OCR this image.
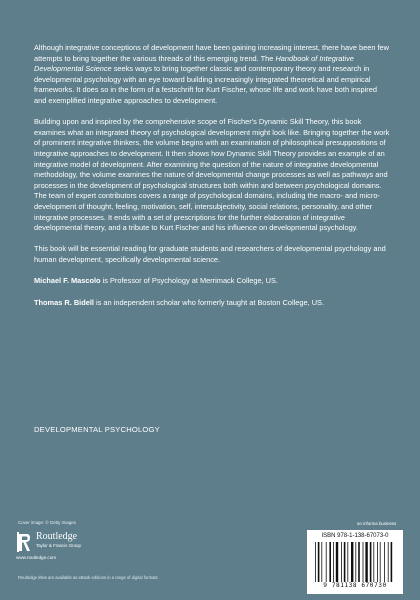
Although integrative conceptions of development have been gaining increasing interest, there have been few attempts to bring together the various threads of this emerging trend. The Handbook of Integrative Developmental Science seeks ways to bring together classic and contemporary theory and research in developmental psychology with an eye toward building increasingly integrated theoretical and empirical frameworks. It does so in the form of a festschrift for Kurt Fischer, whose life and work have both inspired and exemplified integrative approaches to development.

Building upon and inspired by the comprehensive scope of Fischer's Dynamic Skill Theory, this book examines what an integrated theory of psychological development might look like. Bringing together the work of prominent integrative thinkers, the volume begins with an examination of philosophical presuppositions of integrative approaches to development. It then shows how Dynamic Skill Theory provides an example of an integrative model of development. After examining the question of the nature of integrative developmental methodology, the volume examines the nature of developmental change processes as well as pathways and processes in the development of psychological structures both within and between psychological domains. The team of expert contributors covers a range of psychological domains, including the macro- and micro-development of thought, feeling, motivation, self, intersubjectivity, social relations, personality, and other integrative processes. It ends with a set of prescriptions for the further elaboration of integrative developmental theory, and a tribute to Kurt Fischer and his influence on developmental psychology.

This book will be essential reading for graduate students and researchers of developmental psychology and human development, specifically developmental science.

Michael F. Mascolo is Professor of Psychology at Merrimack College, US.

Thomas R. Bidell is an independent scholar who formerly taught at Boston College, US.

DEVELOPMENTAL PSYCHOLOGY
Cover image: © Getty Images
Routledge
Taylor & Francis Group
www.routledge.com
Routledge titles are available as eBook editions in a range of digital formats
an informa business
ISBN 978-1-138-67073-0
9 781138 670730
